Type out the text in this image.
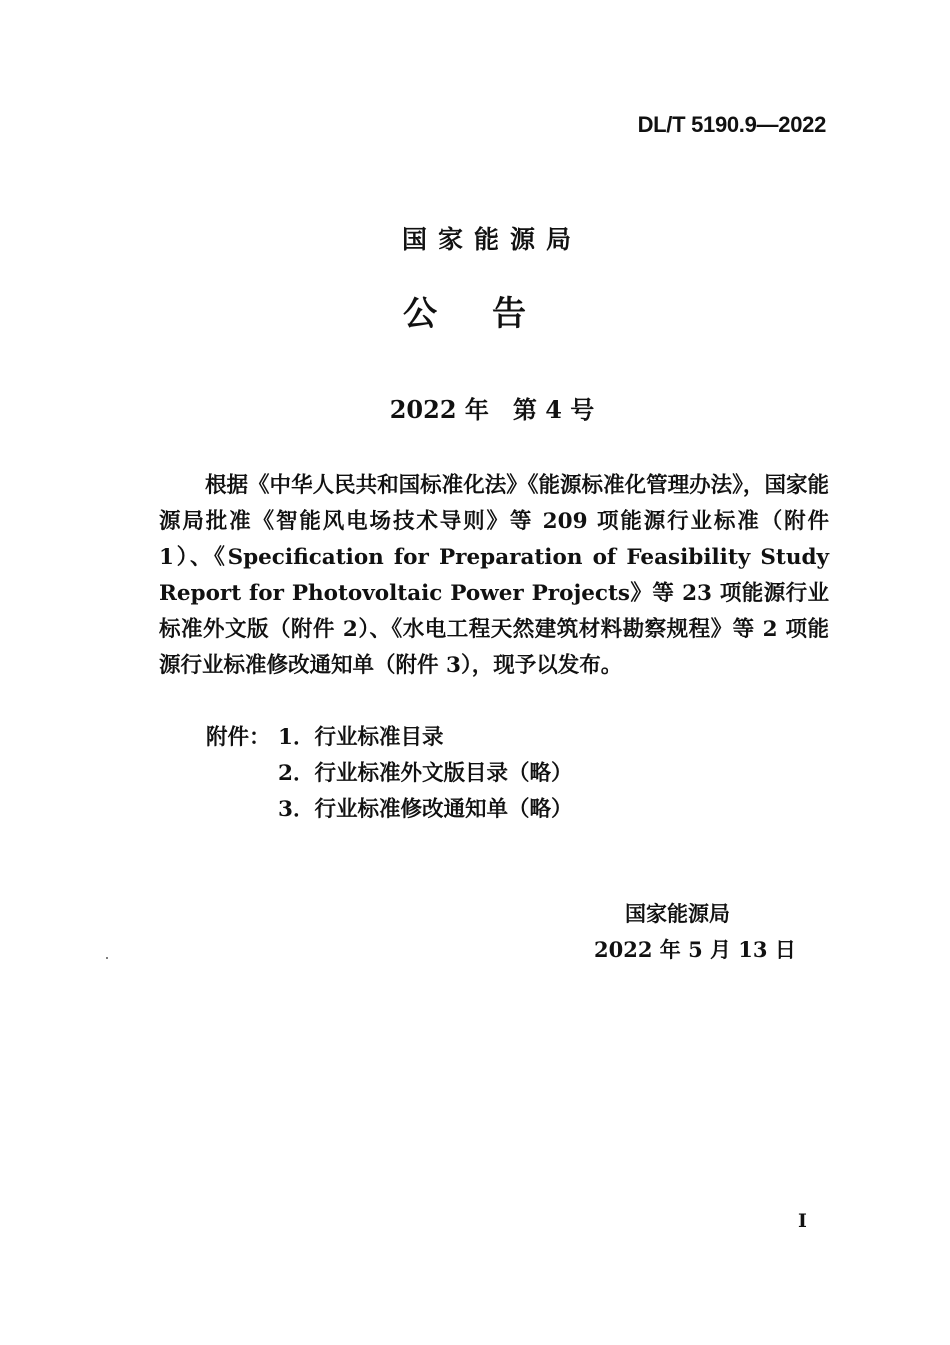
DL/T 5190.9—2022
国家能源局
公告
2022 年　第 4 号

根据《中华人民共和国标准化法》《能源标准化管理办法》，国家能源局批准《智能风电场技术导则》等 209 项能源行业标准（附件 1）、《Specification for Preparation of Feasibility Study Report for Photovoltaic Power Projects》等 23 项能源行业标准外文版（附件 2）、《水电工程天然建筑材料勘察规程》等 2 项能源行业标准修改通知单（附件 3），现予以发布。

附件： 1．行业标准目录
2．行业标准外文版目录（略）
3．行业标准修改通知单（略）
国家能源局
2022 年 5 月 13 日
I
